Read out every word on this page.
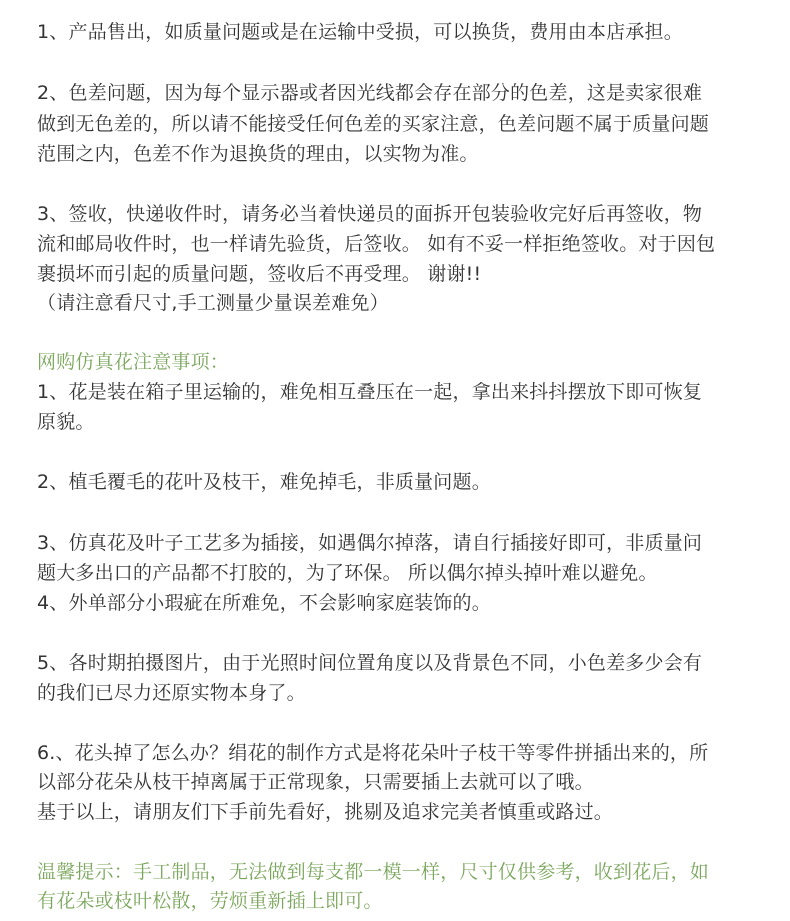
1、产品售出，如质量问题或是在运输中受损，可以换货，费用由本店承担。
2、色差问题，因为每个显示器或者因光线都会存在部分的色差，这是卖家很难
做到无色差的，所以请不能接受任何色差的买家注意，色差问题不属于质量问题
范围之内，色差不作为退换货的理由，以实物为准。
3、签收，快递收件时，请务必当着快递员的面拆开包装验收完好后再签收，物
流和邮局收件时，也一样请先验货，后签收。 如有不妥一样拒绝签收。对于因包
裹损坏而引起的质量问题，签收后不再受理。 谢谢!!
（请注意看尺寸,手工测量少量误差难免）
网购仿真花注意事项：
1、花是装在箱子里运输的，难免相互叠压在一起，拿出来抖抖摆放下即可恢复
原貌。
2、植毛覆毛的花叶及枝干，难免掉毛，非质量问题。
3、仿真花及叶子工艺多为插接，如遇偶尔掉落，请自行插接好即可，非质量问
题大多出口的产品都不打胶的，为了环保。 所以偶尔掉头掉叶难以避免。
4、外单部分小瑕疵在所难免，不会影响家庭装饰的。
5、各时期拍摄图片，由于光照时间位置角度以及背景色不同，小色差多少会有
的我们已尽力还原实物本身了。
6.、花头掉了怎么办？绢花的制作方式是将花朵叶子枝干等零件拼插出来的，所
以部分花朵从枝干掉离属于正常现象，只需要插上去就可以了哦。
基于以上，请朋友们下手前先看好，挑剔及追求完美者慎重或路过。
温馨提示：手工制品，无法做到每支都一模一样，尺寸仅供参考，收到花后，如
有花朵或枝叶松散，劳烦重新插上即可。
